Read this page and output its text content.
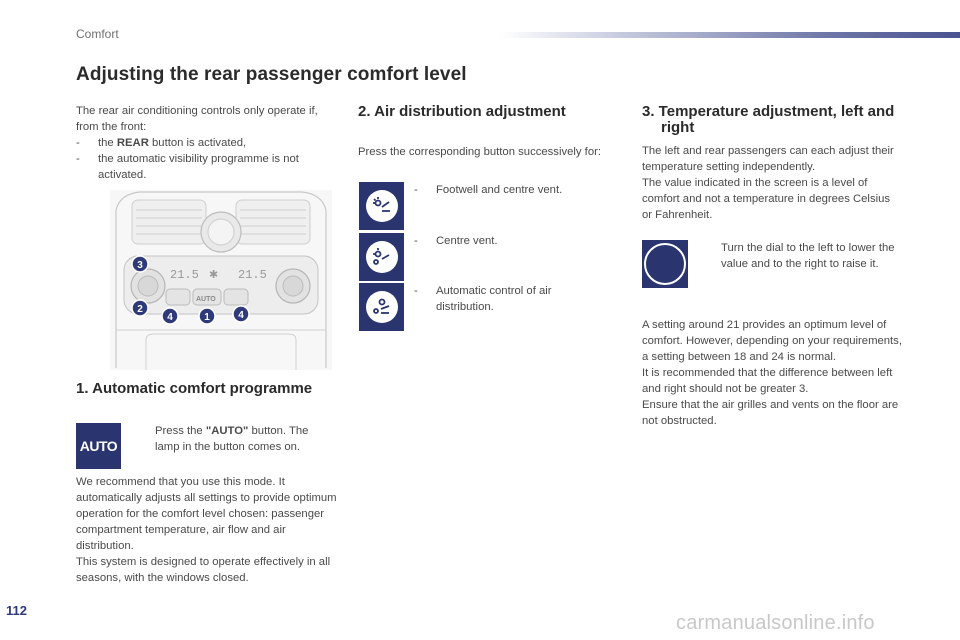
Comfort
Adjusting the rear passenger comfort level
The rear air conditioning controls only operate if, from the front:
-	the REAR button is activated,
-	the automatic visibility programme is not activated.
21.5	21.5
✱
AUTO
3
2
4	1	4
1. Automatic comfort programme
AUTO
Press the "AUTO" button. The lamp in the button comes on.
We recommend that you use this mode. It automatically adjusts all settings to provide optimum operation for the comfort level chosen: passenger compartment temperature, air flow and air distribution.
This system is designed to operate effectively in all seasons, with the windows closed.
2. Air distribution adjustment
Press the corresponding button successively for:
-	Footwell and centre vent.
-	Centre vent.
-	Automatic control of air distribution.
3. Temperature adjustment, left and right
The left and rear passengers can each adjust their temperature setting independently.
The value indicated in the screen is a level of comfort and not a temperature in degrees Celsius or Fahrenheit.
Turn the dial to the left to lower the value and to the right to raise it.
A setting around 21 provides an optimum level of comfort. However, depending on your requirements, a setting between 18 and 24 is normal.
It is recommended that the difference between left and right should not be greater 3.
Ensure that the air grilles and vents on the floor are not obstructed.
112
carmanualsonline.info
